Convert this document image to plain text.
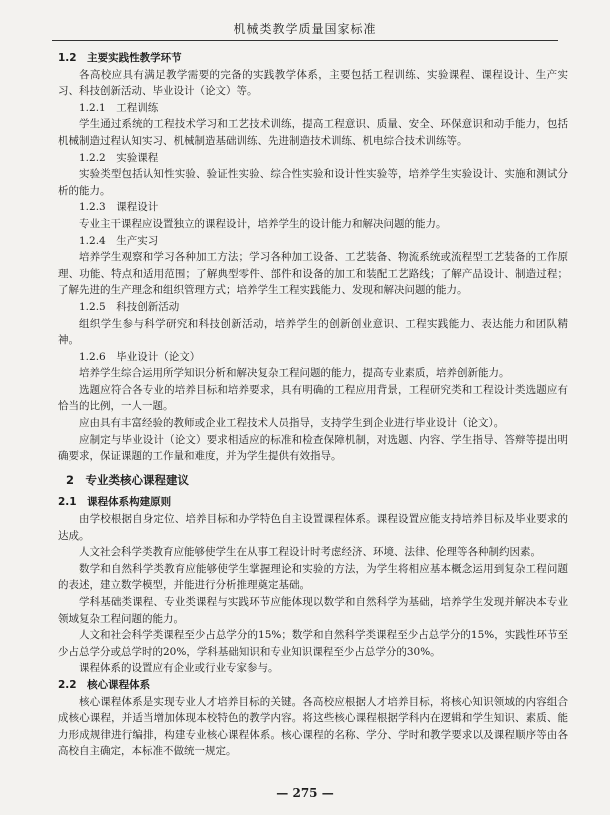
机械类教学质量国家标准
1.2　主要实践性教学环节

各高校应具有满足教学需要的完备的实践教学体系，主要包括工程训练、实验课程、课程设计、生产实习、科技创新活动、毕业设计（论文）等。

1.2.1　工程训练

学生通过系统的工程技术学习和工艺技术训练，提高工程意识、质量、安全、环保意识和动手能力，包括机械制造过程认知实习、机械制造基础训练、先进制造技术训练、机电综合技术训练等。

1.2.2　实验课程

实验类型包括认知性实验、验证性实验、综合性实验和设计性实验等，培养学生实验设计、实施和测试分析的能力。

1.2.3　课程设计

专业主干课程应设置独立的课程设计，培养学生的设计能力和解决问题的能力。

1.2.4　生产实习

培养学生观察和学习各种加工方法；学习各种加工设备、工艺装备、物流系统或流程型工艺装备的工作原理、功能、特点和适用范围；了解典型零件、部件和设备的加工和装配工艺路线；了解产品设计、制造过程；了解先进的生产理念和组织管理方式；培养学生工程实践能力、发现和解决问题的能力。

1.2.5　科技创新活动

组织学生参与科学研究和科技创新活动，培养学生的创新创业意识、工程实践能力、表达能力和团队精神。

1.2.6　毕业设计（论文）

培养学生综合运用所学知识分析和解决复杂工程问题的能力，提高专业素质，培养创新能力。

选题应符合各专业的培养目标和培养要求，具有明确的工程应用背景，工程研究类和工程设计类选题应有恰当的比例，一人一题。

应由具有丰富经验的教师或企业工程技术人员指导，支持学生到企业进行毕业设计（论文）。

应制定与毕业设计（论文）要求相适应的标准和检查保障机制，对选题、内容、学生指导、答辩等提出明确要求，保证课题的工作量和难度，并为学生提供有效指导。

2　专业类核心课程建议
2.1　课程体系构建原则

由学校根据自身定位、培养目标和办学特色自主设置课程体系。课程设置应能支持培养目标及毕业要求的达成。

人文社会科学类教育应能够使学生在从事工程设计时考虑经济、环境、法律、伦理等各种制约因素。

数学和自然科学类教育应能够使学生掌握理论和实验的方法，为学生将相应基本概念运用到复杂工程问题的表述，建立数学模型，并能进行分析推理奠定基础。

学科基础类课程、专业类课程与实践环节应能体现以数学和自然科学为基础，培养学生发现并解决本专业领域复杂工程问题的能力。

人文和社会科学类课程至少占总学分的15%；数学和自然科学类课程至少占总学分的15%，实践性环节至少占总学分或总学时的20%，学科基础知识和专业知识课程至少占总学分的30%。

课程体系的设置应有企业或行业专家参与。

2.2　核心课程体系

核心课程体系是实现专业人才培养目标的关键。各高校应根据人才培养目标，将核心知识领域的内容组合成核心课程，并适当增加体现本校特色的教学内容。将这些核心课程根据学科内在逻辑和学生知识、素质、能力形成规律进行编排，构建专业核心课程体系。核心课程的名称、学分、学时和教学要求以及课程顺序等由各高校自主确定，本标准不做统一规定。

— 275 —
